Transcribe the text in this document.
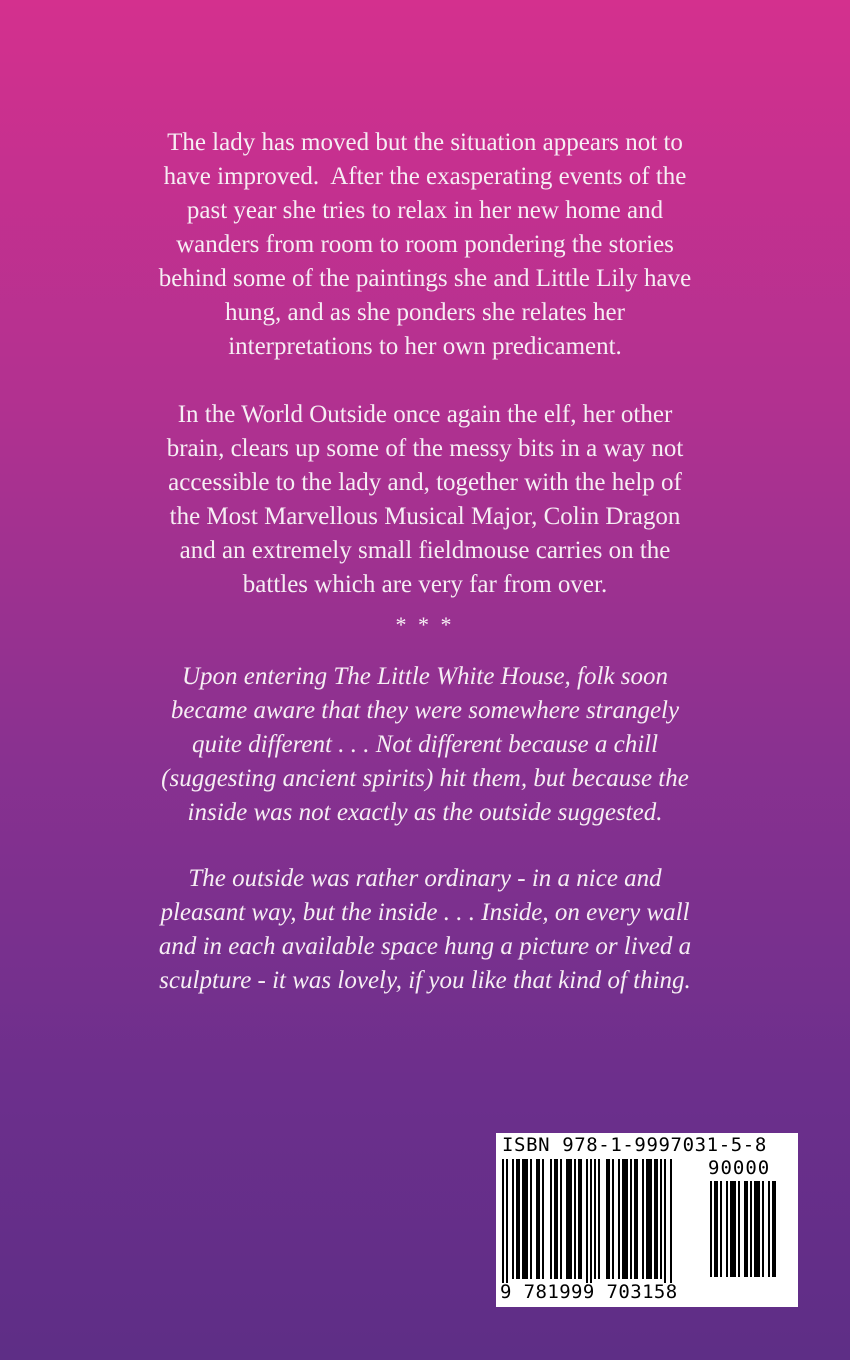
The lady has moved but the situation appears not to
have improved.  After the exasperating events of the
past year she tries to relax in her new home and
wanders from room to room pondering the stories
behind some of the paintings she and Little Lily have
hung, and as she ponders she relates her
interpretations to her own predicament.
In the World Outside once again the elf, her other
brain, clears up some of the messy bits in a way not
accessible to the lady and, together with the help of
the Most Marvellous Musical Major, Colin Dragon
and an extremely small fieldmouse carries on the
battles which are very far from over.
* * *
Upon entering The Little White House, folk soon
became aware that they were somewhere strangely
quite different . . . Not different because a chill
(suggesting ancient spirits) hit them, but because the
inside was not exactly as the outside suggested.
The outside was rather ordinary - in a nice and
pleasant way, but the inside . . . Inside, on every wall
and in each available space hung a picture or lived a
sculpture - it was lovely, if you like that kind of thing.
ISBN 978-1-9997031-5-8
90000
9 781999 703158
